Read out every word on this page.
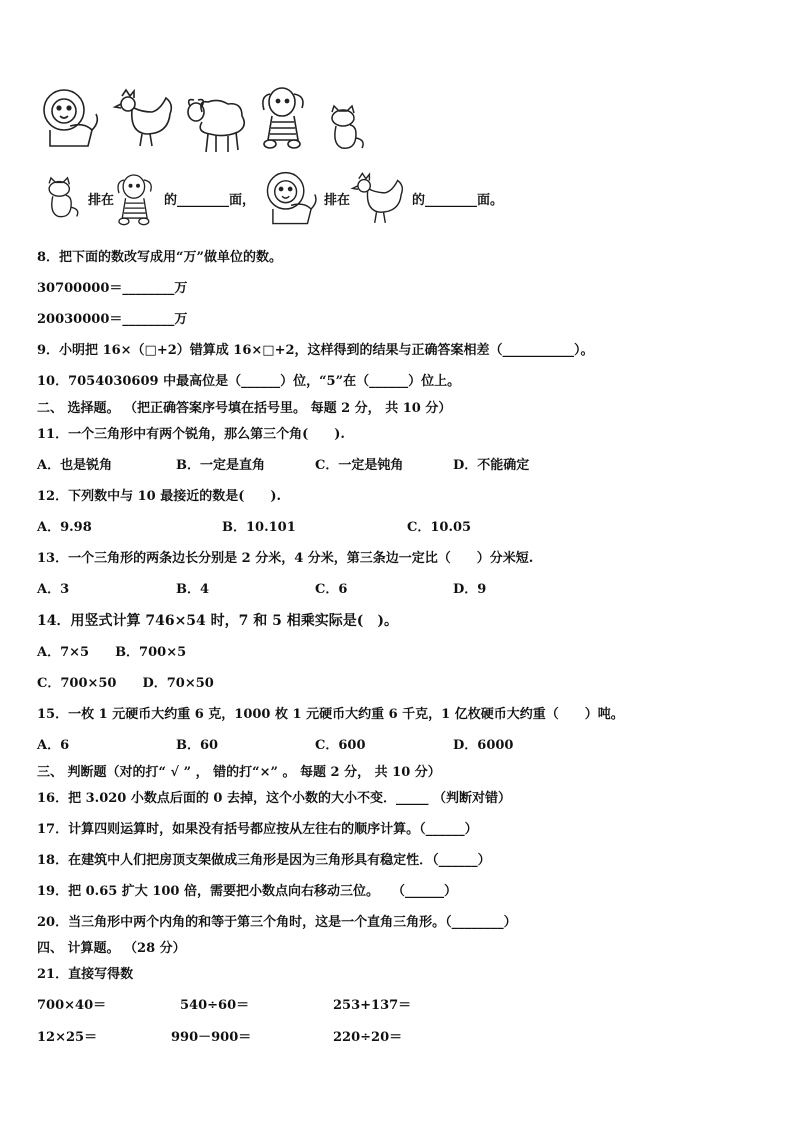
排在	的________面，	排在	的________面。
8．把下面的数改写成用“万”做单位的数。
30700000＝________万
20030000＝________万
9．小明把 16×（□+2）错算成 16×□+2，这样得到的结果与正确答案相差（___________）。
10．7054030609 中最高位是（______）位，“5”在（______）位上。
二、 选择题。 （把正确答案序号填在括号里。 每题 2 分， 共 10 分）
11．一个三角形中有两个锐角，那么第三个角(　　).
A．也是锐角	B．一定是直角	C．一定是钝角	D．不能确定
12．下列数中与 10 最接近的数是(　　).
A．9.98	B．10.101	C．10.05
13．一个三角形的两条边长分别是 2 分米，4 分米，第三条边一定比（　　）分米短.
A．3	B．4	C．6	D．9
14．用竖式计算 746×54 时，7 和 5 相乘实际是(　)。
A．7×5　　B．700×5
C．700×50　　D．70×50
15．一枚 1 元硬币大约重 6 克，1000 枚 1 元硬币大约重 6 千克，1 亿枚硬币大约重（　　）吨。
A．6	B．60	C．600	D．6000
三、 判断题（对的打“ √ ” ， 错的打“×” 。 每题 2 分， 共 10 分）
16．把 3.020 小数点后面的 0 去掉，这个小数的大小不变．_____ （判断对错）
17．计算四则运算时，如果没有括号都应按从左往右的顺序计算。（______）
18．在建筑中人们把房顶支架做成三角形是因为三角形具有稳定性．（______）
19．把 0.65 扩大 100 倍，需要把小数点向右移动三位。　　（______）
20．当三角形中两个内角的和等于第三个角时，这是一个直角三角形。（________）
四、 计算题。 （28 分）
21．直接写得数
700×40＝	540÷60＝	253+137＝
12×25＝	990－900＝	220÷20＝
